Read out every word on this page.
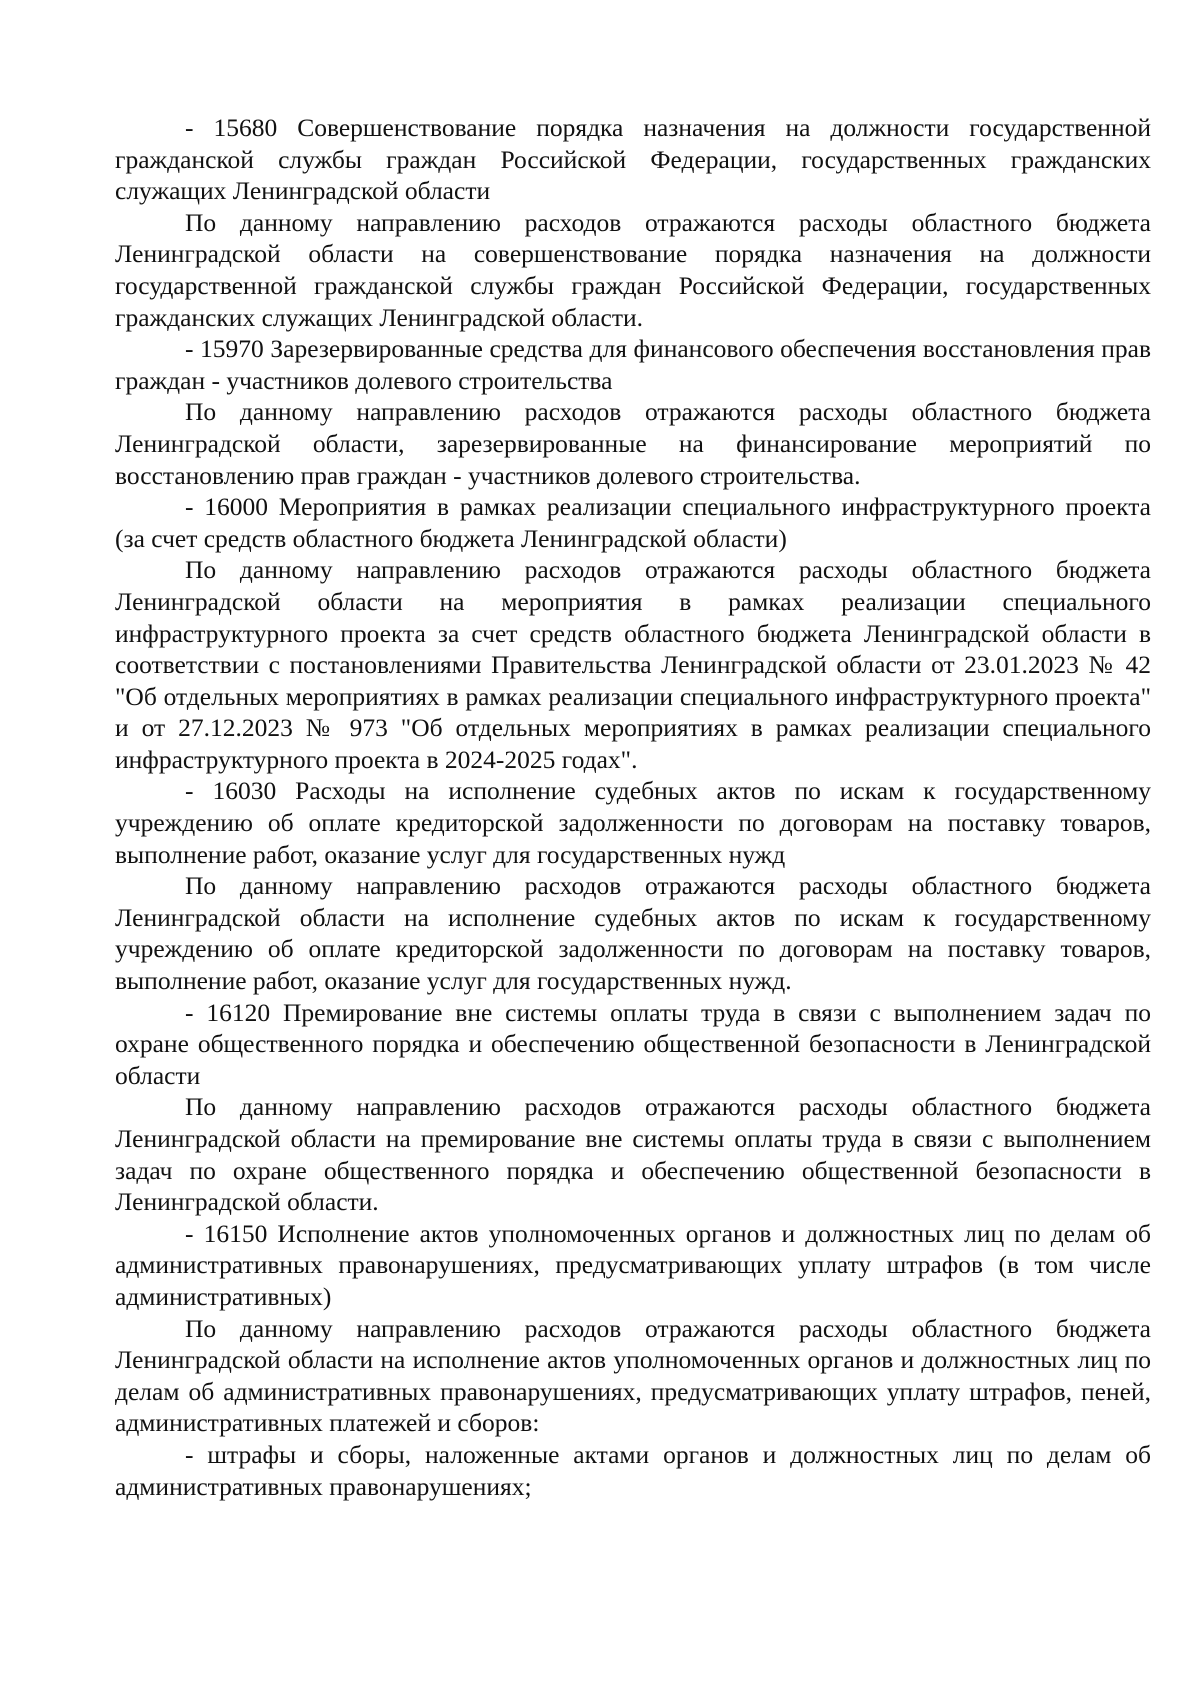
- 15680 Совершенствование порядка назначения на должности государственной гражданской службы граждан Российской Федерации, государственных гражданских служащих Ленинградской области

По данному направлению расходов отражаются расходы областного бюджета Ленинградской области на совершенствование порядка назначения на должности государственной гражданской службы граждан Российской Федерации, государственных гражданских служащих Ленинградской области.

- 15970 Зарезервированные средства для финансового обеспечения восстановления прав граждан - участников долевого строительства

По данному направлению расходов отражаются расходы областного бюджета Ленинградской области, зарезервированные на финансирование мероприятий по восстановлению прав граждан - участников долевого строительства.

- 16000 Мероприятия в рамках реализации специального инфраструктурного проекта (за счет средств областного бюджета Ленинградской области)

По данному направлению расходов отражаются расходы областного бюджета Ленинградской области на мероприятия в рамках реализации специального инфраструктурного проекта за счет средств областного бюджета Ленинградской области в соответствии с постановлениями Правительства Ленинградской области от 23.01.2023 № 42 "Об отдельных мероприятиях в рамках реализации специального инфраструктурного проекта" и от 27.12.2023 № 973 "Об отдельных мероприятиях в рамках реализации специального инфраструктурного проекта в 2024-2025 годах".

- 16030 Расходы на исполнение судебных актов по искам к государственному учреждению об оплате кредиторской задолженности по договорам на поставку товаров, выполнение работ, оказание услуг для государственных нужд

По данному направлению расходов отражаются расходы областного бюджета Ленинградской области на исполнение судебных актов по искам к государственному учреждению об оплате кредиторской задолженности по договорам на поставку товаров, выполнение работ, оказание услуг для государственных нужд.

- 16120 Премирование вне системы оплаты труда в связи с выполнением задач по охране общественного порядка и обеспечению общественной безопасности в Ленинградской области

По данному направлению расходов отражаются расходы областного бюджета Ленинградской области на премирование вне системы оплаты труда в связи с выполнением задач по охране общественного порядка и обеспечению общественной безопасности в Ленинградской области.

- 16150 Исполнение актов уполномоченных органов и должностных лиц по делам об административных правонарушениях, предусматривающих уплату штрафов (в том числе административных)

По данному направлению расходов отражаются расходы областного бюджета Ленинградской области на исполнение актов уполномоченных органов и должностных лиц по делам об административных правонарушениях, предусматривающих уплату штрафов, пеней, административных платежей и сборов:

- штрафы и сборы, наложенные актами органов и должностных лиц по делам об административных правонарушениях;
